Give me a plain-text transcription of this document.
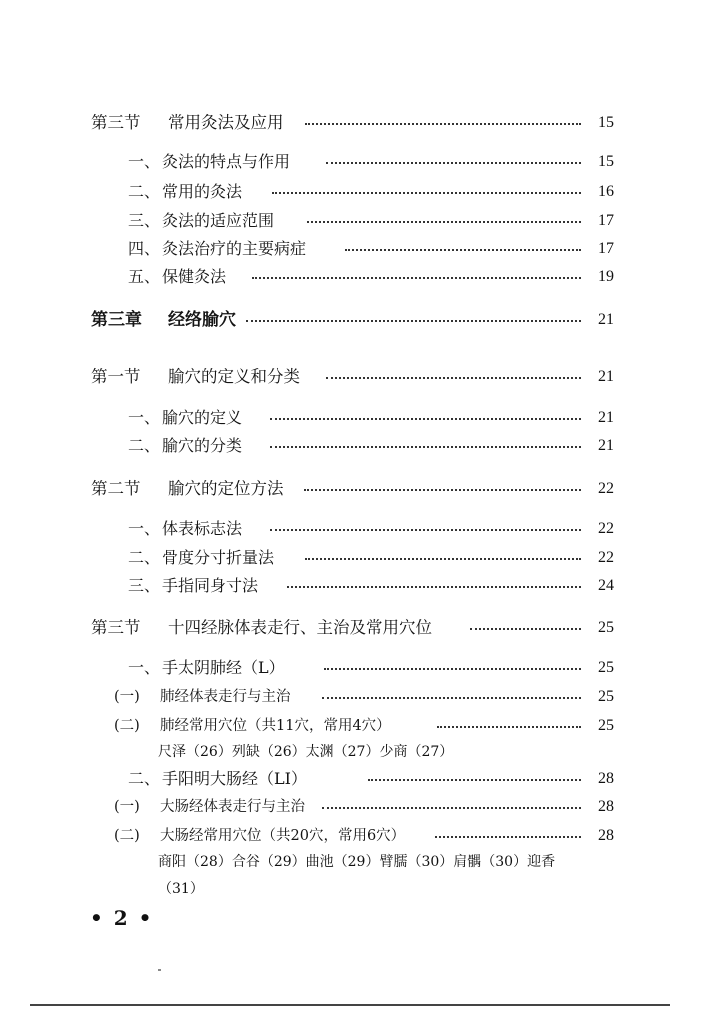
第三节 常用灸法及应用	15
一、 灸法的特点与作用	15
二、 常用的灸法	16
三、 灸法的适应范围	17
四、 灸法治疗的主要病症	17
五、 保健灸法	19
第三章 经络腧穴	21
第一节 腧穴的定义和分类	21
一、 腧穴的定义	21
二、 腧穴的分类	21
第二节 腧穴的定位方法	22
一、 体表标志法	22
二、 骨度分寸折量法	22
三、 手指同身寸法	24
第三节 十四经脉体表走行、主治及常用穴位	25
一、 手太阴肺经（L）	25
(一) 肺经体表走行与主治	25
(二) 肺经常用穴位（共11穴，常用4穴）	25
尺泽（26）列缺（26）太渊（27）少商（27）
二、 手阳明大肠经（LI）	28
(一) 大肠经体表走行与主治	28
(二) 大肠经常用穴位（共20穴，常用6穴）	28
商阳（28）合谷（29）曲池（29）臂臑（30）肩髃（30）迎香
（31）
• 2 •
